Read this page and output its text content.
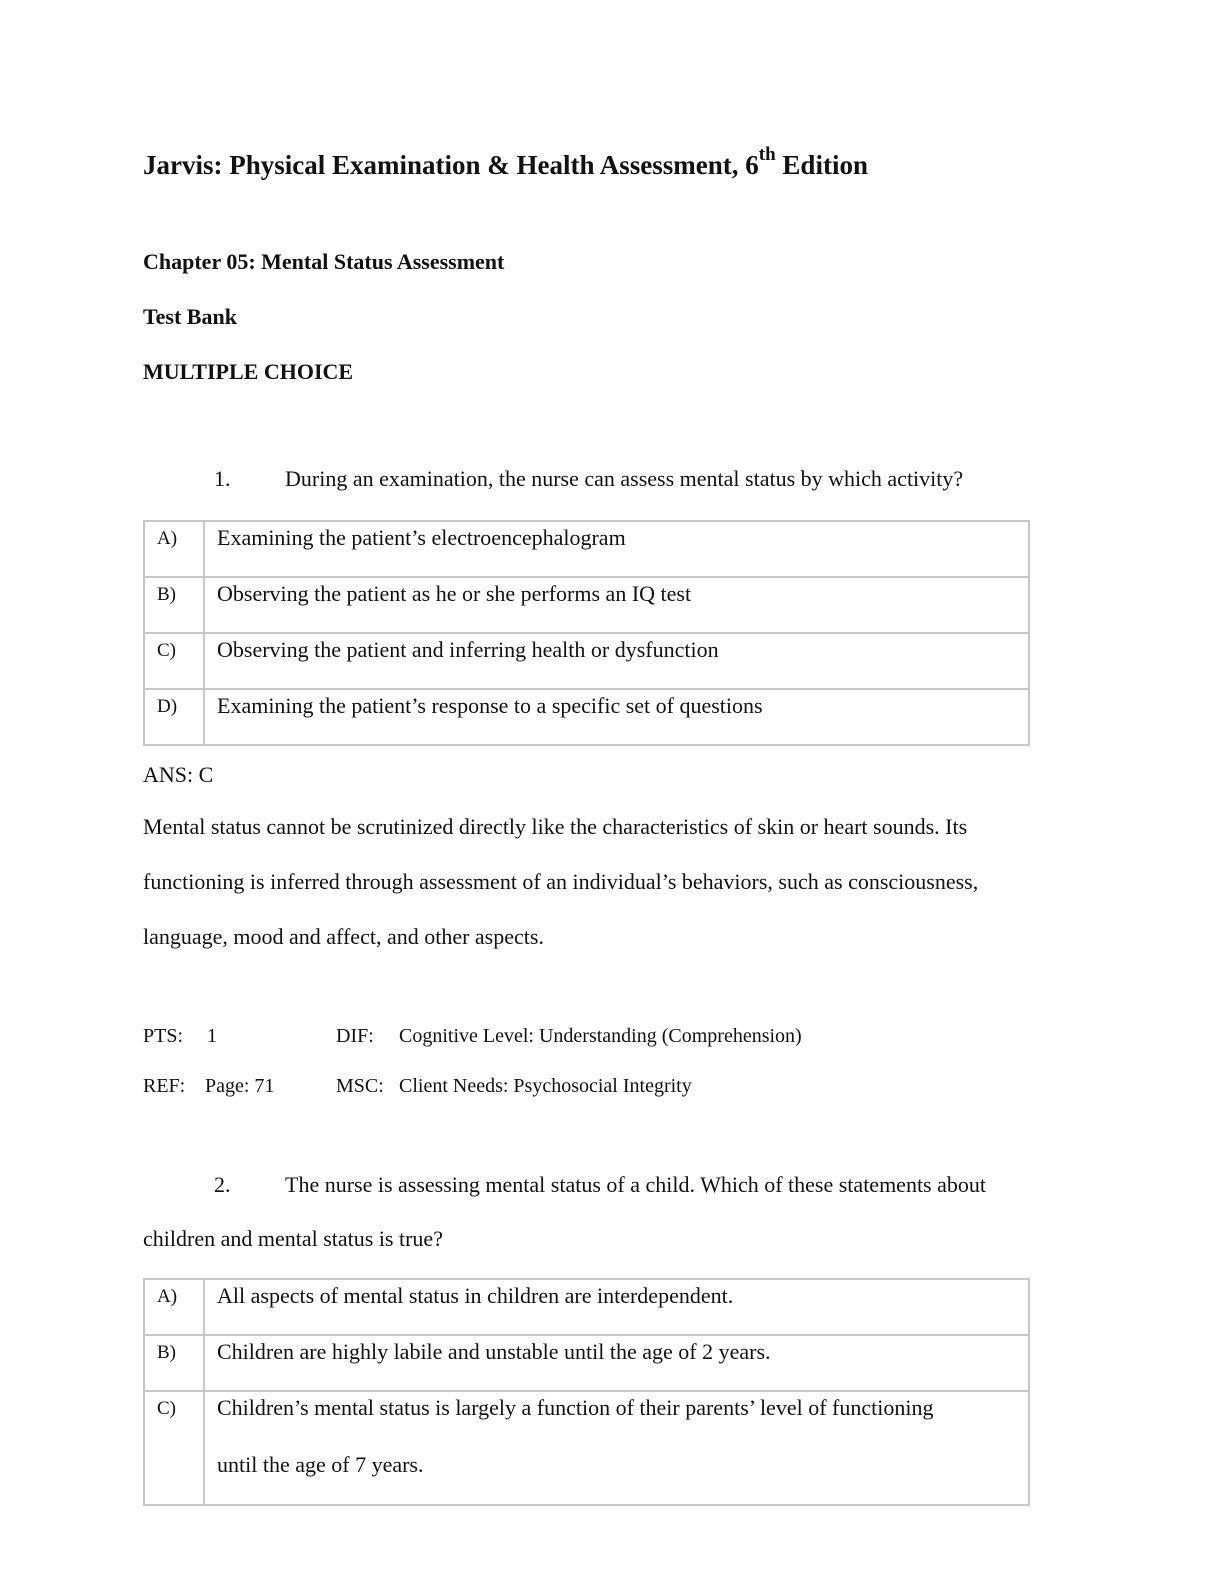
Jarvis: Physical Examination & Health Assessment, 6th Edition
Chapter 05: Mental Status Assessment
Test Bank
MULTIPLE CHOICE
1. During an examination, the nurse can assess mental status by which activity?
A)	Examining the patient’s electroencephalogram

B)	Observing the patient as he or she performs an IQ test

C)	Observing the patient and inferring health or dysfunction

D)	Examining the patient’s response to a specific set of questions
ANS: C
Mental status cannot be scrutinized directly like the characteristics of skin or heart sounds. Its
functioning is inferred through assessment of an individual’s behaviors, such as consciousness,
language, mood and affect, and other aspects.
PTS: 1	DIF: Cognitive Level: Understanding (Comprehension)
REF: Page: 71	MSC: Client Needs: Psychosocial Integrity
2. The nurse is assessing mental status of a child. Which of these statements about
children and mental status is true?
A)	All aspects of mental status in children are interdependent.

B)	Children are highly labile and unstable until the age of 2 years.

C)	Children’s mental status is largely a function of their parents’ level of functioning
until the age of 7 years.
